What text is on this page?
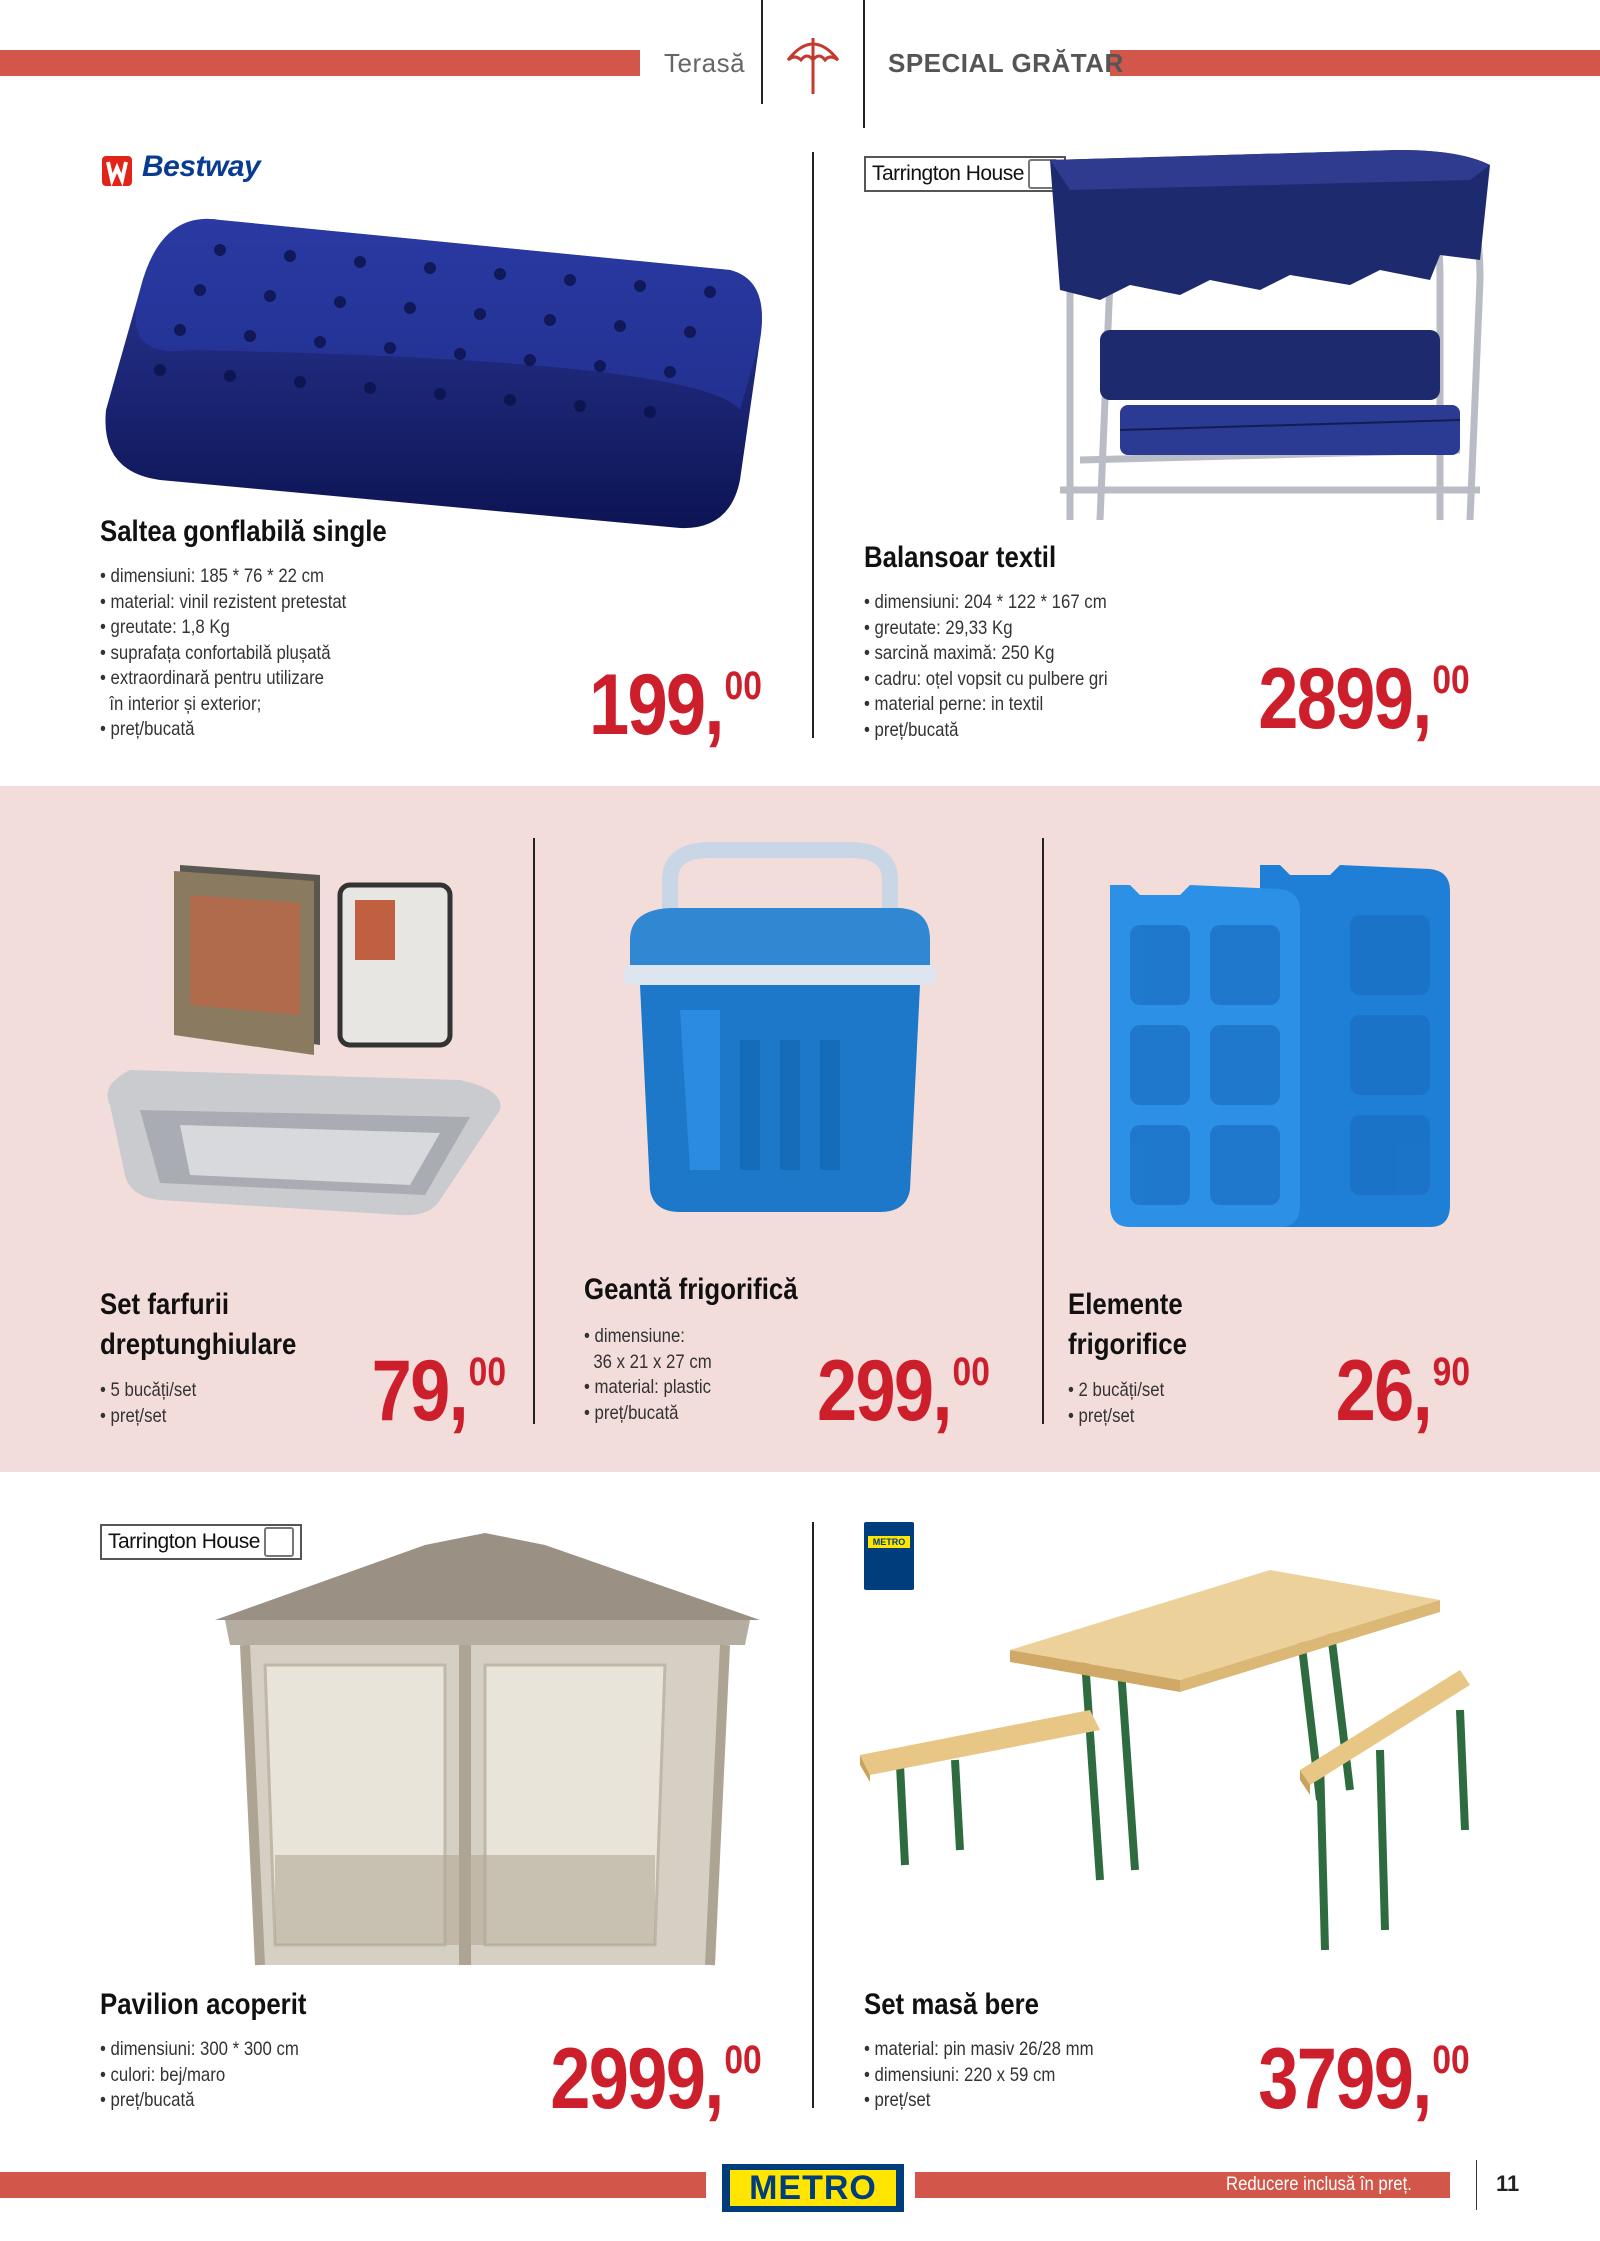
Terasă	SPECIAL GRĂTAR
Bestway
Saltea gonflabilă single
• dimensiuni: 185 * 76 * 22 cm
• material: vinil rezistent pretestat
• greutate: 1,8 Kg
• suprafața confortabilă plușată
• extraordinară pentru utilizare
în interior și exterior;
• preț/bucată	199,00
Tarrington House
Balansoar textil
• dimensiuni: 204 * 122 * 167 cm
• greutate: 29,33 Kg
• sarcină maximă: 250 Kg
• cadru: oțel vopsit cu pulbere gri
• material perne: in textil
• preț/bucată	2899,00
Set farfurii
dreptunghiulare
• 5 bucăți/set
• preț/set	79,00
Geantă frigorifică
• dimensiune:
36 x 21 x 27 cm
• material: plastic
• preț/bucată	299,00
Elemente
frigorifice
• 2 bucăți/set
• preț/set	26,90
Tarrington House
Pavilion acoperit
• dimensiuni: 300 * 300 cm
• culori: bej/maro
• preț/bucată	2999,00
METRO
Set masă bere
• material: pin masiv 26/28 mm
• dimensiuni: 220 x 59 cm
• preț/set	3799,00
METRO	Reducere inclusă în preț.	11
